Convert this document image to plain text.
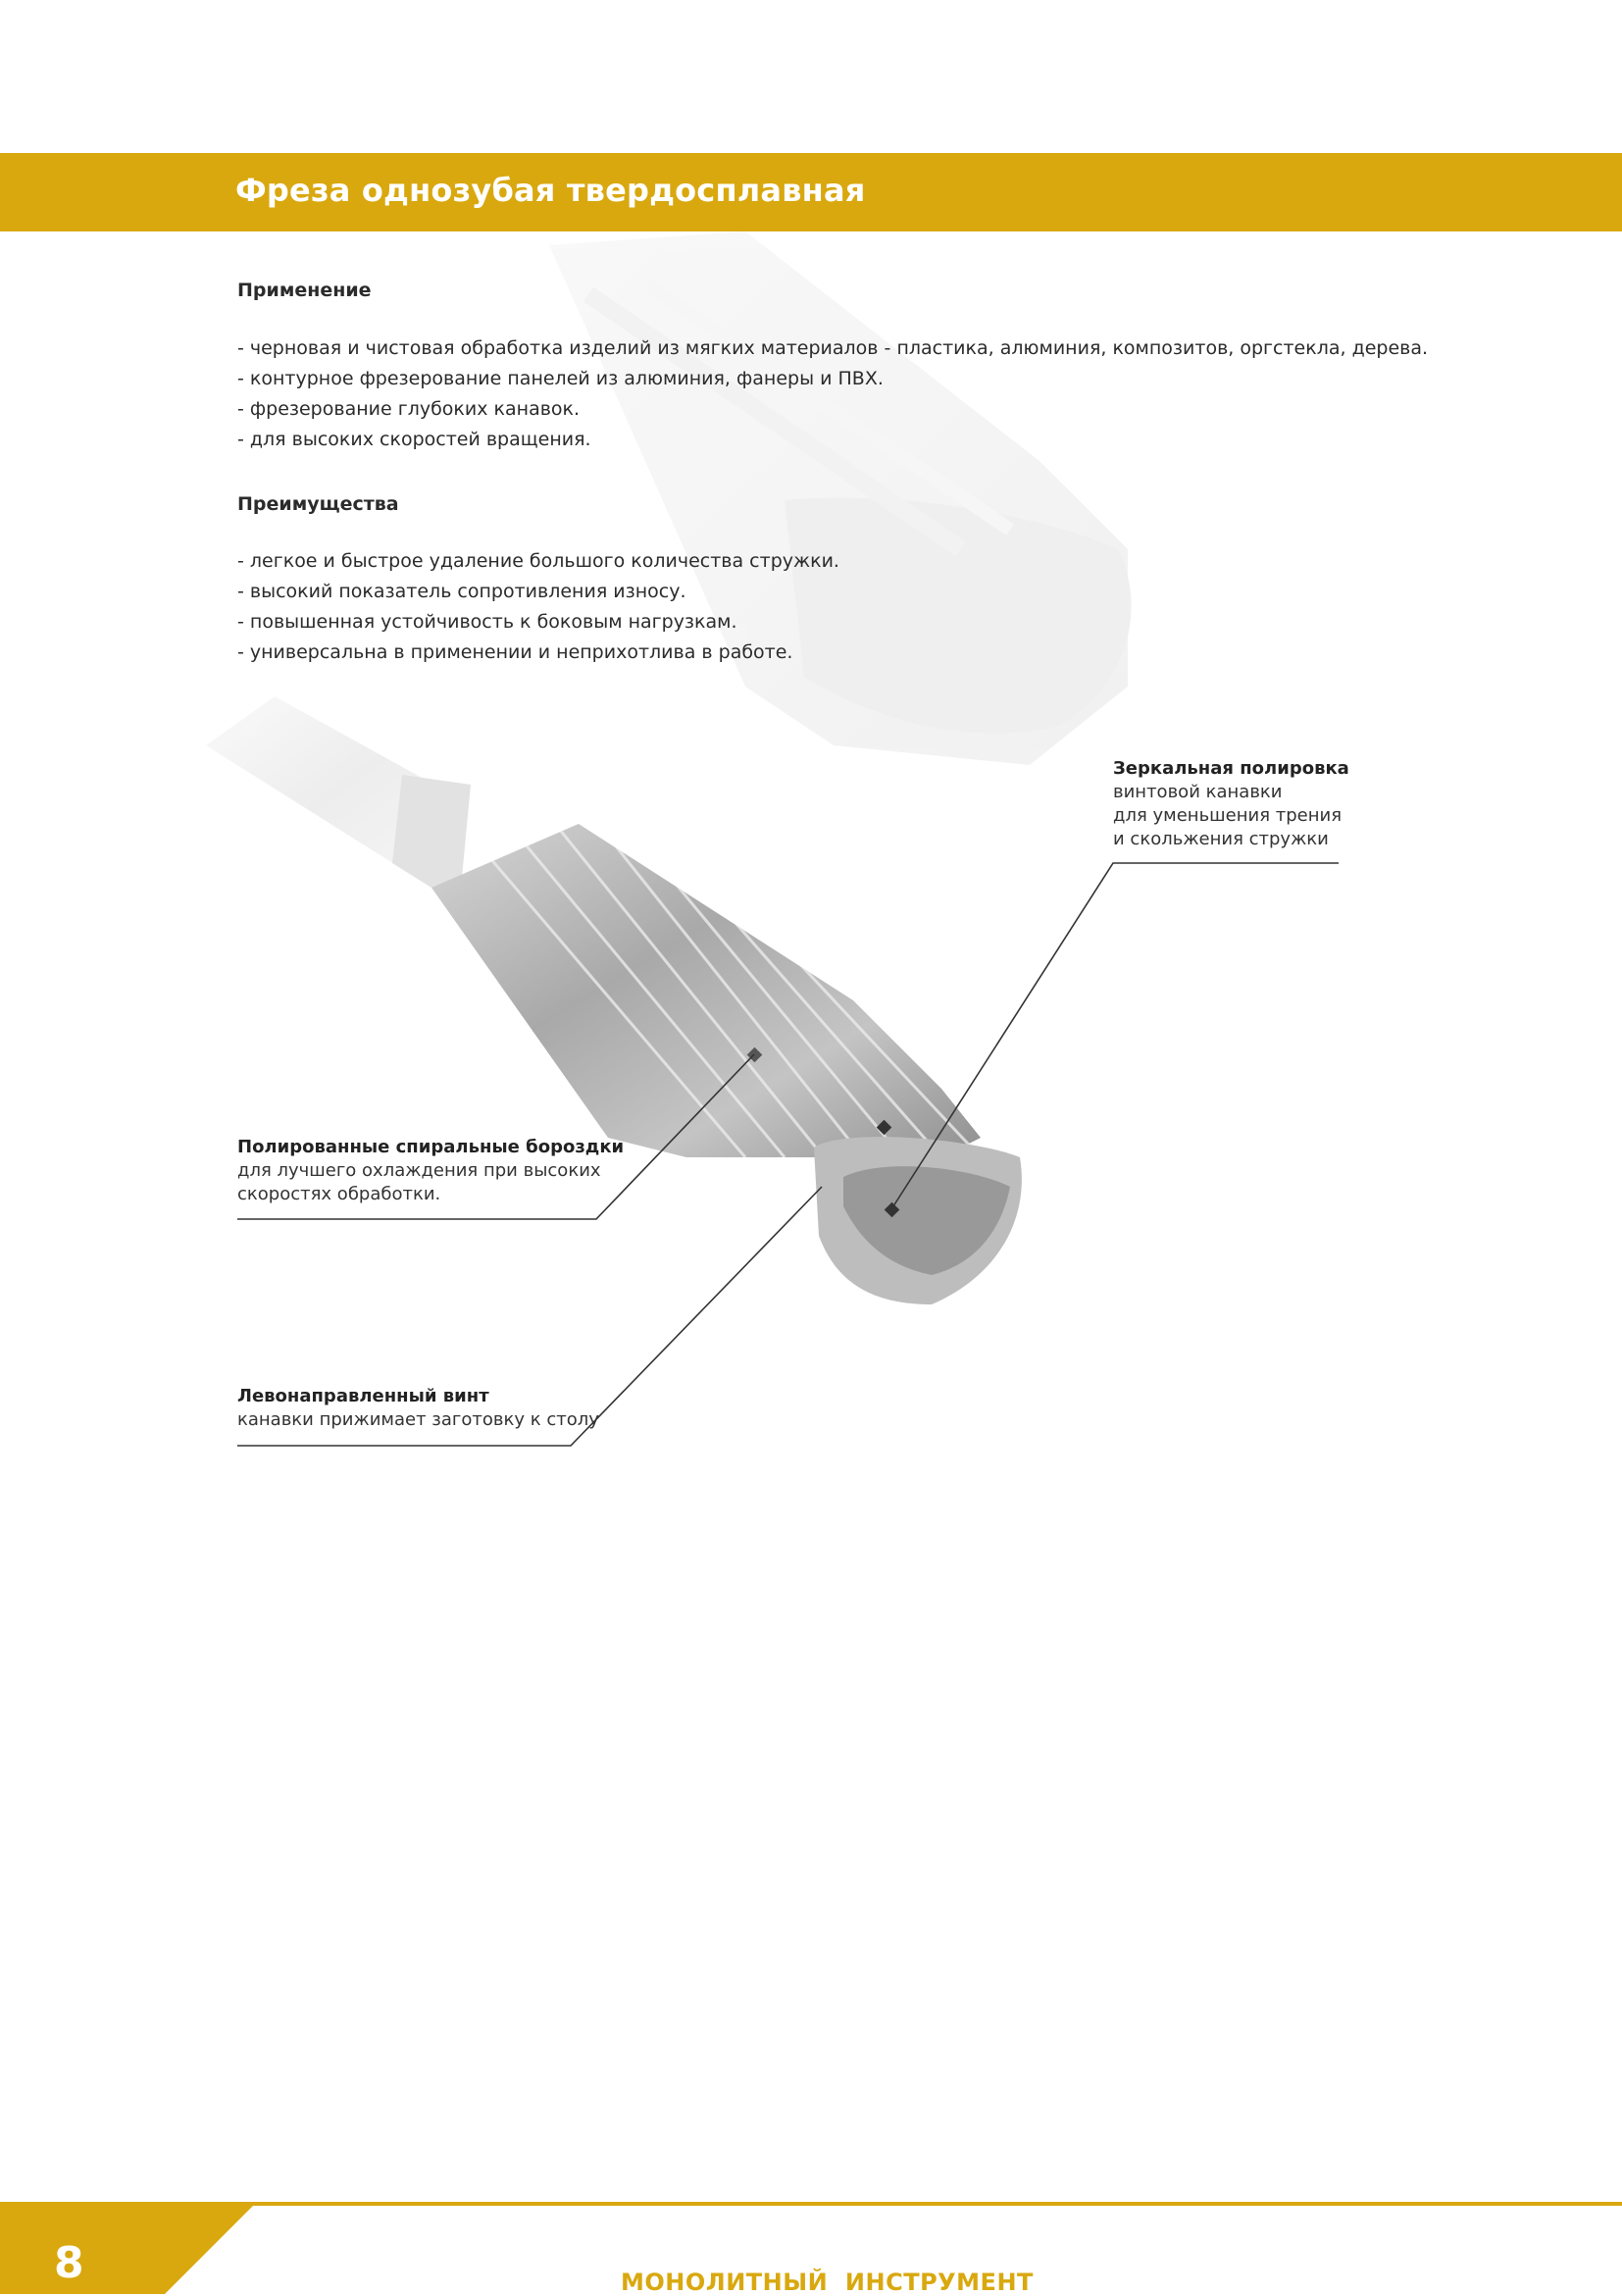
Фреза однозубая твердосплавная
Применение
- черновая и чистовая обработка изделий из мягких материалов - пластика, алюминия, композитов, оргстекла, дерева.
- контурное фрезерование панелей из алюминия, фанеры и ПВХ.
- фрезерование глубоких канавок.
- для высоких скоростей вращения.
Преимущества
- легкое и быстрое удаление большого количества стружки.
- высокий показатель сопротивления износу.
- повышенная устойчивость к боковым нагрузкам.
- универсальна в применении и неприхотлива в работе.
Зеркальная полировка
винтовой канавки
для уменьшения трения
и скольжения стружки
Полированные спиральные бороздки
для лучшего охлаждения при высоких
скоростях обработки.
Левонаправленный винт
канавки прижимает заготовку к столу
8	МОНОЛИТНЫЙ  ИНСТРУМЕНТ
